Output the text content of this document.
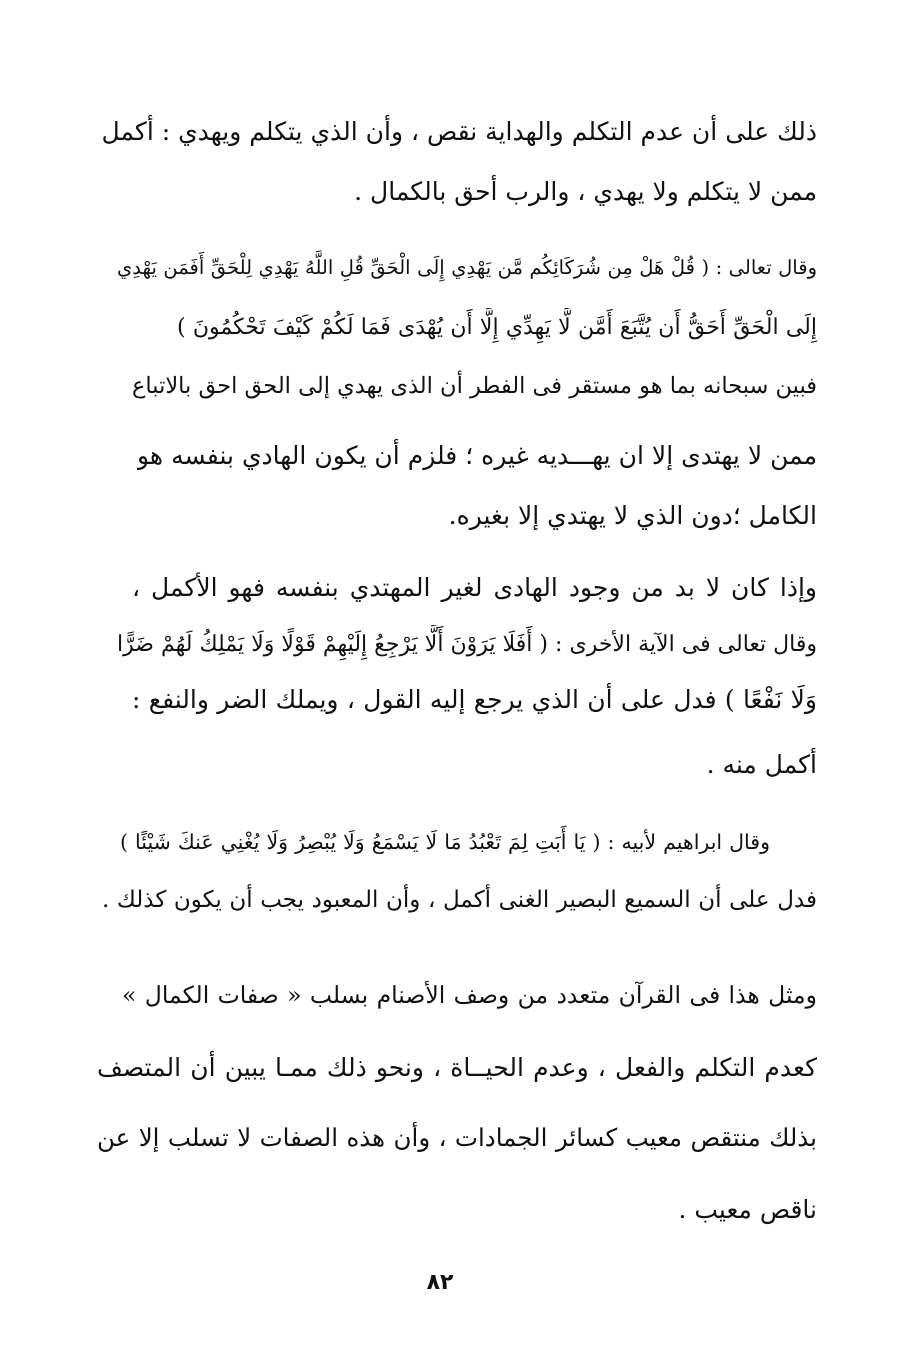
ذلك على أن عدم التكلم والهداية نقص ، وأن الذي يتكلم ويهدي : أكمل
ممن لا يتكلم ولا يهدي ، والرب أحق بالكمال .
وقال تعالى : ( قُلْ هَلْ مِن شُرَكَائِكُم مَّن يَهْدِي إِلَى الْحَقِّ قُلِ اللَّهُ يَهْدِي لِلْحَقِّ أَفَمَن يَهْدِي
إِلَى الْحَقِّ أَحَقُّ أَن يُتَّبَعَ أَمَّن لَّا يَهِدِّي إِلَّا أَن يُهْدَى فَمَا لَكُمْ كَيْفَ تَحْكُمُونَ )
فبين سبحانه بما هو مستقر فى الفطر أن الذى يهدي إلى الحق احق بالاتباع
ممن لا يهتدى إلا ان يهـــديه غيره ؛ فلزم أن يكون الهادي بنفسه هو
الكامل ؛دون الذي لا يهتدي إلا بغيره.
وإذا كان لا بد من وجود الهادى لغير المهتدي بنفسه فهو الأكمل ،
وقال تعالى فى الآية الأخرى : ( أَفَلَا يَرَوْنَ أَلَّا يَرْجِعُ إِلَيْهِمْ قَوْلًا وَلَا يَمْلِكُ لَهُمْ ضَرًّا
وَلَا نَفْعًا ) فدل على أن الذي يرجع إليه القول ، ويملك الضر والنفع :
أكمل منه .
وقال ابراهيم لأبيه : ( يَا أَبَتِ لِمَ تَعْبُدُ مَا لَا يَسْمَعُ وَلَا يُبْصِرُ وَلَا يُغْنِي عَنكَ شَيْئًا )
فدل على أن السميع البصير الغنى أكمل ، وأن المعبود يجب أن يكون كذلك .
ومثل هذا فى القرآن متعدد من وصف الأصنام بسلب « صفات الكمال »
كعدم التكلم والفعل ، وعدم الحيــاة ، ونحو ذلك ممـا يبين أن المتصف
بذلك منتقص معيب كسائر الجمادات ، وأن هذه الصفات لا تسلب إلا عن
ناقص معيب .
٨٢
